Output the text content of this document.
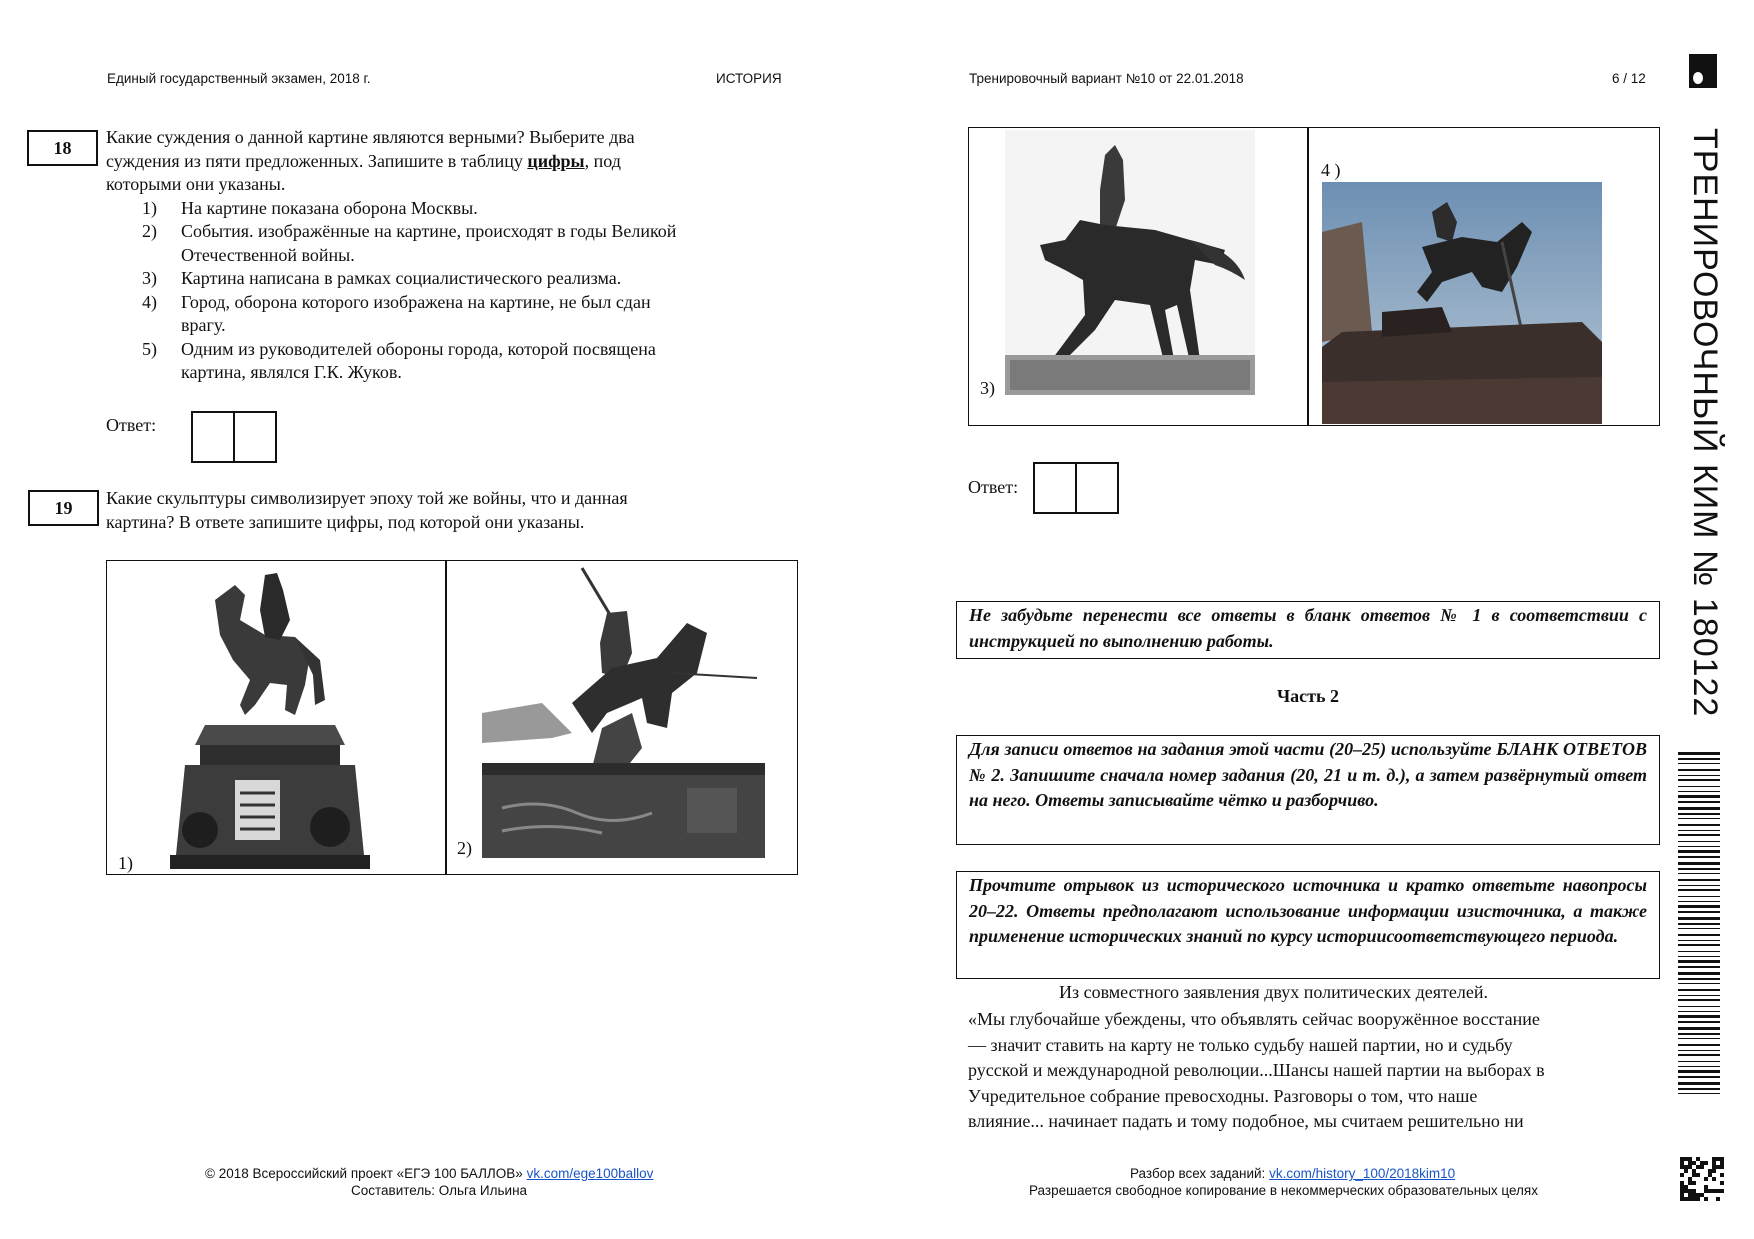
Единый государственный экзамен, 2018 г.	ИСТОРИЯ	Тренировочный вариант №10 от 22.01.2018	6 / 12
18
Какие суждения о данной картине являются верными? Выберите два
суждения из пяти предложенных. Запишите в таблицу цифры, под
которыми они указаны.
1) На картине показана оборона Москвы.
2) События. изображённые на картине, происходят в годы Великой
Отечественной войны.
3) Картина написана в рамках социалистического реализма.
4) Город, оборона которого изображена на картине, не был сдан
врагу.
5) Одним из руководителей обороны города, которой посвящена
картина, являлся Г.К. Жуков.
Ответ:
19	Какие скульптуры символизирует эпоху той же войны, что и данная
картина? В ответе запишите цифры, под которой они указаны.
1)
2)
3)
4 )
Ответ:
Не забудьте перенести все ответы в бланк ответов № 1 в соответствии с инструкцией по выполнению работы.
Часть 2
Для записи ответов на задания этой части (20–25) используйте БЛАНК ОТВЕТОВ № 2. Запишите сначала номер задания (20, 21 и т. д.), а затем развёрнутый ответ на него. Ответы записывайте чётко и разборчиво.
Прочтите отрывок из исторического источника и кратко ответьте навопросы 20–22. Ответы предполагают использование информации изисточника, а также применение исторических знаний по курсу историисоответствующего периода.
Из совместного заявления двух политических деятелей.
«Мы глубочайше убеждены, что объявлять сейчас вооружённое восстание
— значит ставить на карту не только судьбу нашей партии, но и судьбу
русской и международной революции...Шансы нашей партии на выборах в
Учредительное собрание превосходны. Разговоры о том, что наше
влияние... начинает падать и тому подобное, мы считаем решительно ни
© 2018 Всероссийский проект «ЕГЭ 100 БАЛЛОВ» vk.com/ege100ballov
Составитель: Ольга Ильина
Разбор всех заданий: vk.com/history_100/2018kim10
Разрешается свободное копирование в некоммерческих образовательных целях
ТРЕНИРОВОЧНЫЙ КИМ № 180122
